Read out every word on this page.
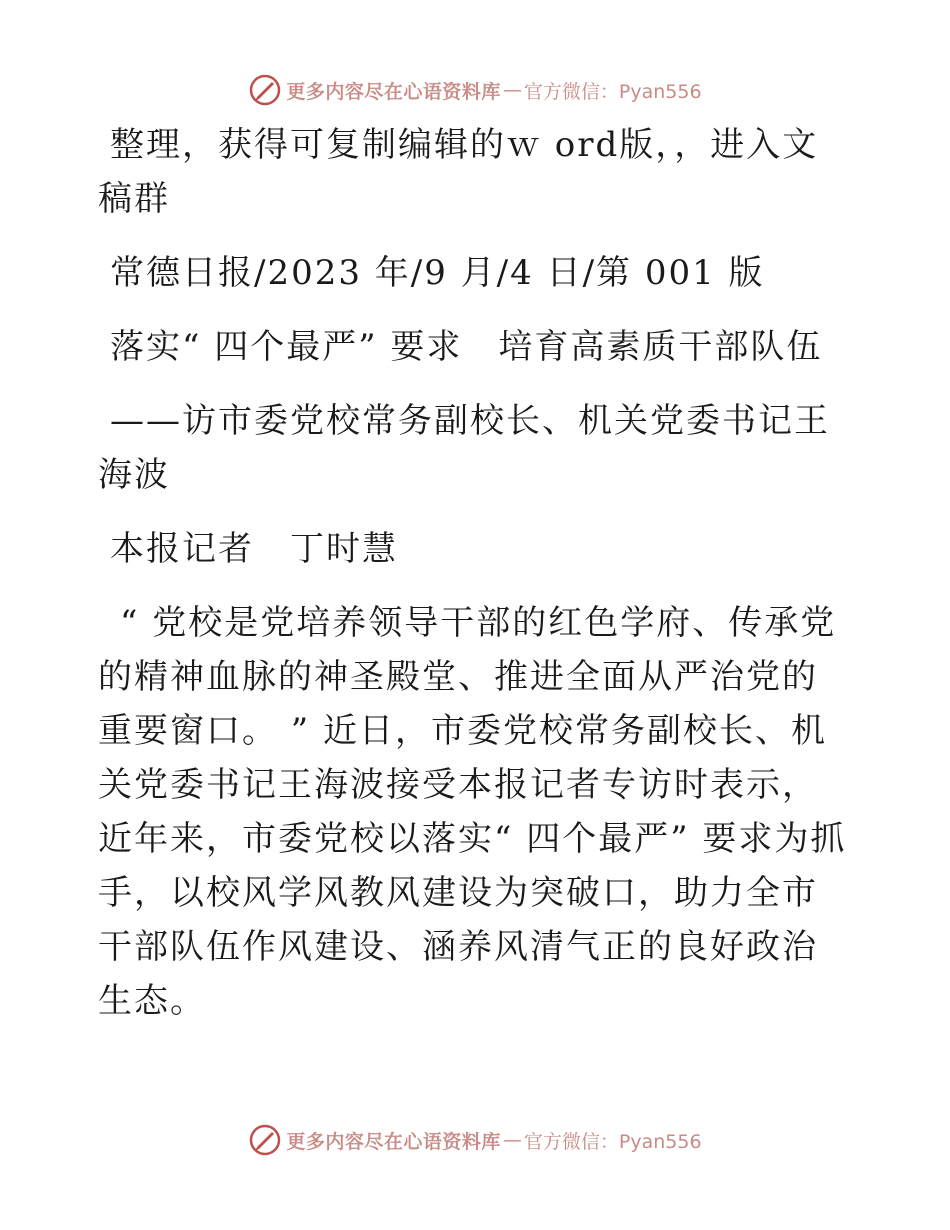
更多内容尽在心语资料库 — 官方微信：Pyan556

整理，获得可复制编辑的ｗ ord版，，进入文稿群

常德日报/2023 年/9 月/4 日/第 001 版

落实“ 四个最严” 要求　培育高素质干部队伍

——访市委党校常务副校长、机关党委书记王海波

本报记者　丁时慧

“ 党校是党培养领导干部的红色学府、传承党的精神血脉的神圣殿堂、推进全面从严治党的重要窗口。 ” 近日，市委党校常务副校长、机关党委书记王海波接受本报记者专访时表示，近年来，市委党校以落实“ 四个最严” 要求为抓手，以校风学风教风建设为突破口，助力全市干部队伍作风建设、涵养风清气正的良好政治生态。

更多内容尽在心语资料库 — 官方微信：Pyan556
